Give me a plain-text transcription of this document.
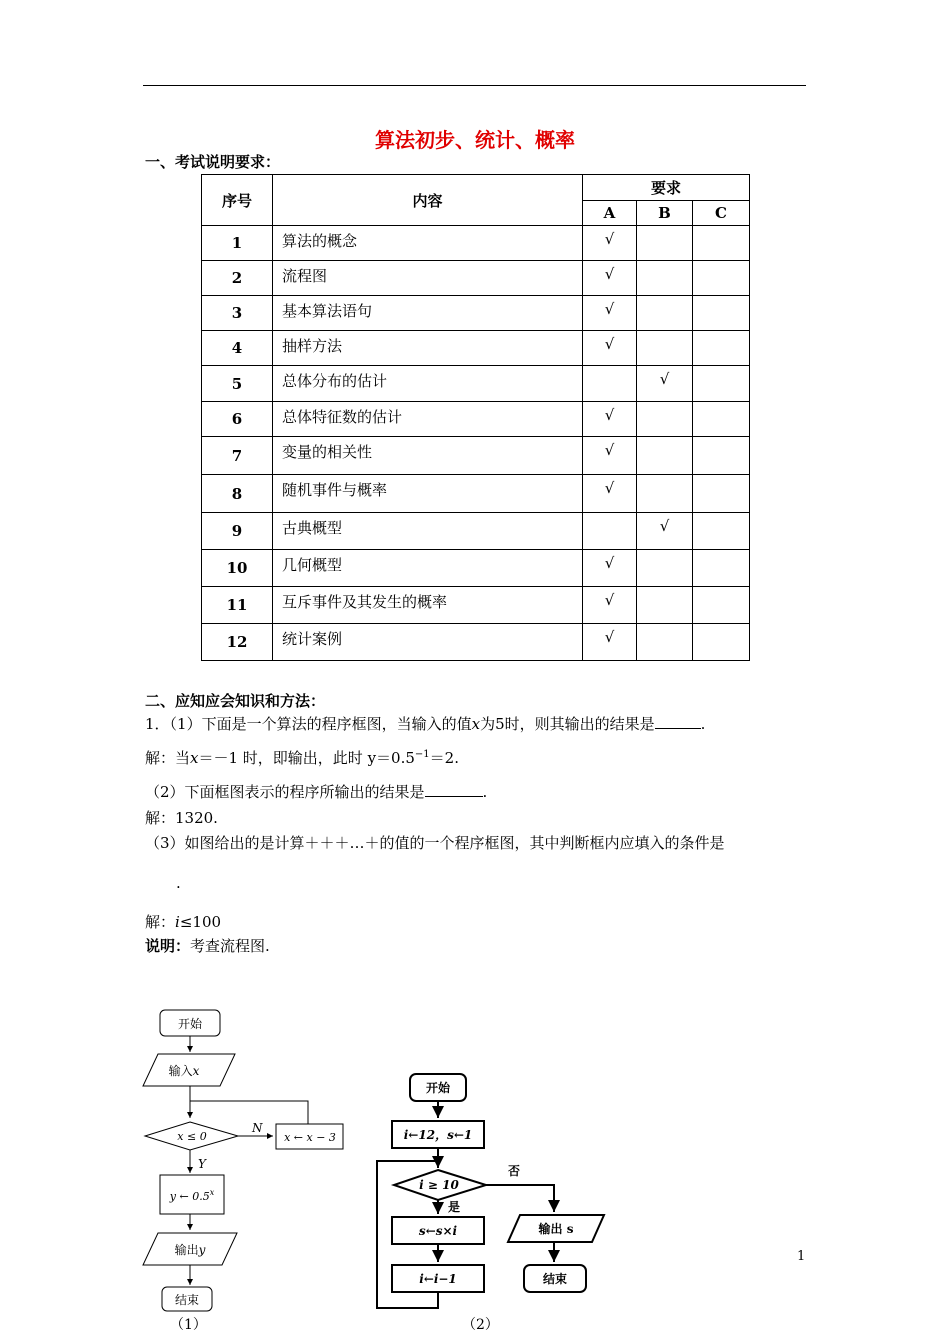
算法初步、统计、概率
一、考试说明要求：
序号	内容	要求		
		A	B	C
1	算法的概念	√		
2	流程图	√		
3	基本算法语句	√		
4	抽样方法	√		
5	总体分布的估计		√	
6	总体特征数的估计	√		
7	变量的相关性	√		
8	随机事件与概率	√		
9	古典概型		√	
10	几何概型	√		
11	互斥事件及其发生的概率	√		
12	统计案例	√		
二、应知应会知识和方法：
1．（1）下面是一个算法的程序框图，当输入的值x为5时，则其输出的结果是	.
解：当x＝－1 时，即输出，此时 $y=0.5^{-1}=2$.
（2）下面框图表示的程序所输出的结果是	.
解：1320.
（3）如图给出的是计算＋＋＋…＋的值的一个程序框图，其中判断框内应填入的条件是
.
解：i≤100
说明：考查流程图.
开始
输入x
x ≤ 0
N
x ← x − 3
Y
y ← 0.5$^x$
输出y
结束
开始
i←12，s←1
i ≥ 10
否
是
s←s×i
i←i−1
输出 s
结束
（1）	（2）
1
